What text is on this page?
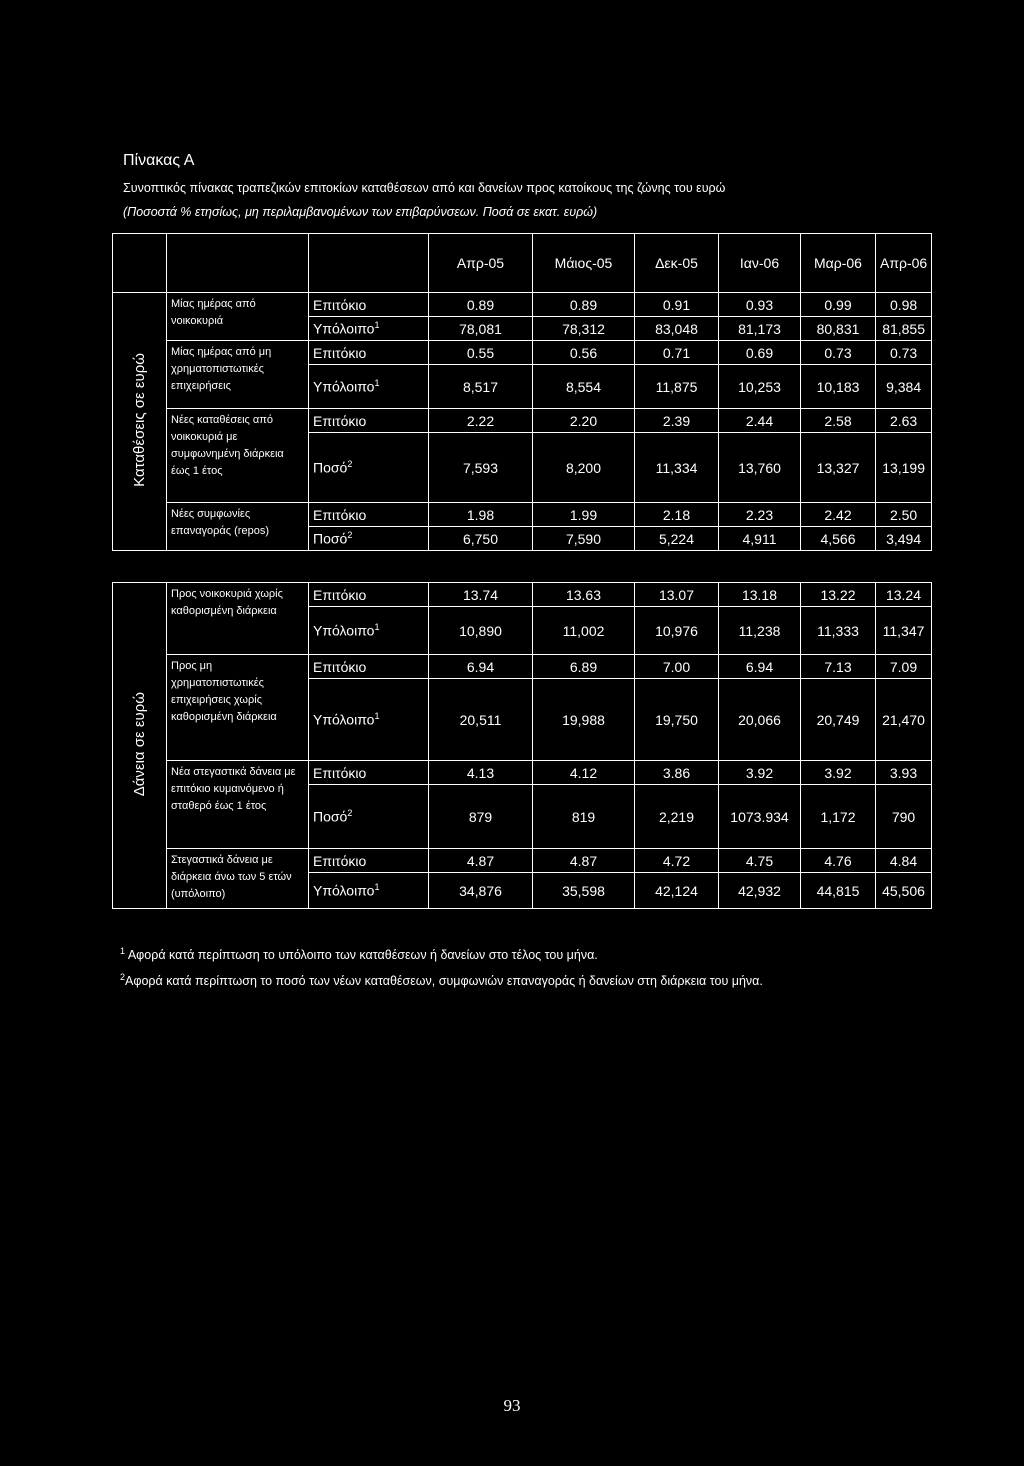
Πίνακας Α
Συνοπτικός πίνακας τραπεζικών επιτοκίων καταθέσεων από και δανείων προς κατοίκους της ζώνης του ευρώ
(Ποσοστά % ετησίως, μη περιλαμβανομένων των επιβαρύνσεων. Ποσά σε εκατ. ευρώ)
			Απρ-05	Μάιος-05	Δεκ-05	Ιαν-06	Μαρ-06	Απρ-06
Καταθέσεις σε ευρώ	Μίας ημέρας από νοικοκυριά	Επιτόκιο	0.89	0.89	0.91	0.93	0.99	0.98
		Υπόλοιπο$^1$	78,081	78,312	83,048	81,173	80,831	81,855
	Μίας ημέρας από μη χρηματοπιστωτικές επιχειρήσεις	Επιτόκιο	0.55	0.56	0.71	0.69	0.73	0.73
		Υπόλοιπο$^1$	8,517	8,554	11,875	10,253	10,183	9,384
	Νέες καταθέσεις από νοικοκυριά με συμφωνημένη διάρκεια έως 1 έτος	Επιτόκιο	2.22	2.20	2.39	2.44	2.58	2.63
		Ποσό$^2$	7,593	8,200	11,334	13,760	13,327	13,199
	Νέες συμφωνίες επαναγοράς (repos)	Επιτόκιο	1.98	1.99	2.18	2.23	2.42	2.50
		Ποσό$^2$	6,750	7,590	5,224	4,911	4,566	3,494
Δάνεια σε ευρώ	Προς νοικοκυριά χωρίς καθορισμένη διάρκεια	Επιτόκιο	13.74	13.63	13.07	13.18	13.22	13.24
		Υπόλοιπο$^1$	10,890	11,002	10,976	11,238	11,333	11,347
	Προς μη χρηματοπιστωτικές επιχειρήσεις χωρίς καθορισμένη διάρκεια	Επιτόκιο	6.94	6.89	7.00	6.94	7.13	7.09
		Υπόλοιπο$^1$	20,511	19,988	19,750	20,066	20,749	21,470
	Νέα στεγαστικά δάνεια με επιτόκιο κυμαινόμενο ή σταθερό έως 1 έτος	Επιτόκιο	4.13	4.12	3.86	3.92	3.92	3.93
		Ποσό$^2$	879	819	2,219	1073.934	1,172	790
	Στεγαστικά δάνεια με διάρκεια άνω των 5 ετών (υπόλοιπο)	Επιτόκιο	4.87	4.87	4.72	4.75	4.76	4.84
		Υπόλοιπο$^1$	34,876	35,598	42,124	42,932	44,815	45,506
$^1$ Αφορά κατά περίπτωση το υπόλοιπο των καταθέσεων ή δανείων στο τέλος του μήνα.
$^2$Αφορά κατά περίπτωση το ποσό των νέων καταθέσεων, συμφωνιών επαναγοράς ή δανείων στη διάρκεια του μήνα.
93
